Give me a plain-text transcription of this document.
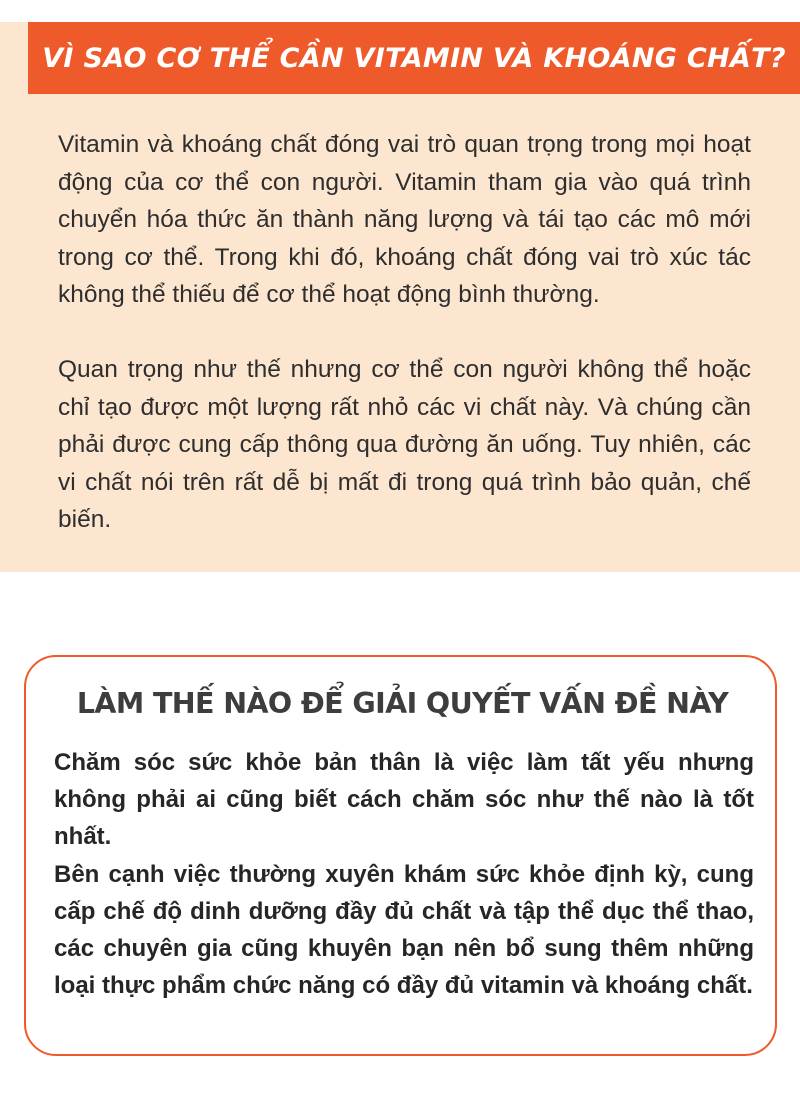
VÌ SAO CƠ THỂ CẦN VITAMIN VÀ KHOÁNG CHẤT?

Vitamin và khoáng chất đóng vai trò quan trọng trong mọi hoạt động của cơ thể con người. Vitamin tham gia vào quá trình chuyển hóa thức ăn thành năng lượng và tái tạo các mô mới trong cơ thể. Trong khi đó, khoáng chất đóng vai trò xúc tác không thể thiếu để cơ thể hoạt động bình thường.

Quan trọng như thế nhưng cơ thể con người không thể hoặc chỉ tạo được một lượng rất nhỏ các vi chất này. Và chúng cần phải được cung cấp thông qua đường ăn uống. Tuy nhiên, các vi chất nói trên rất dễ bị mất đi trong quá trình bảo quản, chế biến.

LÀM THẾ NÀO ĐỂ GIẢI QUYẾT VẤN ĐỀ NÀY

Chăm sóc sức khỏe bản thân là việc làm tất yếu nhưng không phải ai cũng biết cách chăm sóc như thế nào là tốt nhất.

Bên cạnh việc thường xuyên khám sức khỏe định kỳ, cung cấp chế độ dinh dưỡng đầy đủ chất và tập thể dục thể thao, các chuyên gia cũng khuyên bạn nên bổ sung thêm những loại thực phẩm chức năng có đầy đủ vitamin và khoáng chất.
